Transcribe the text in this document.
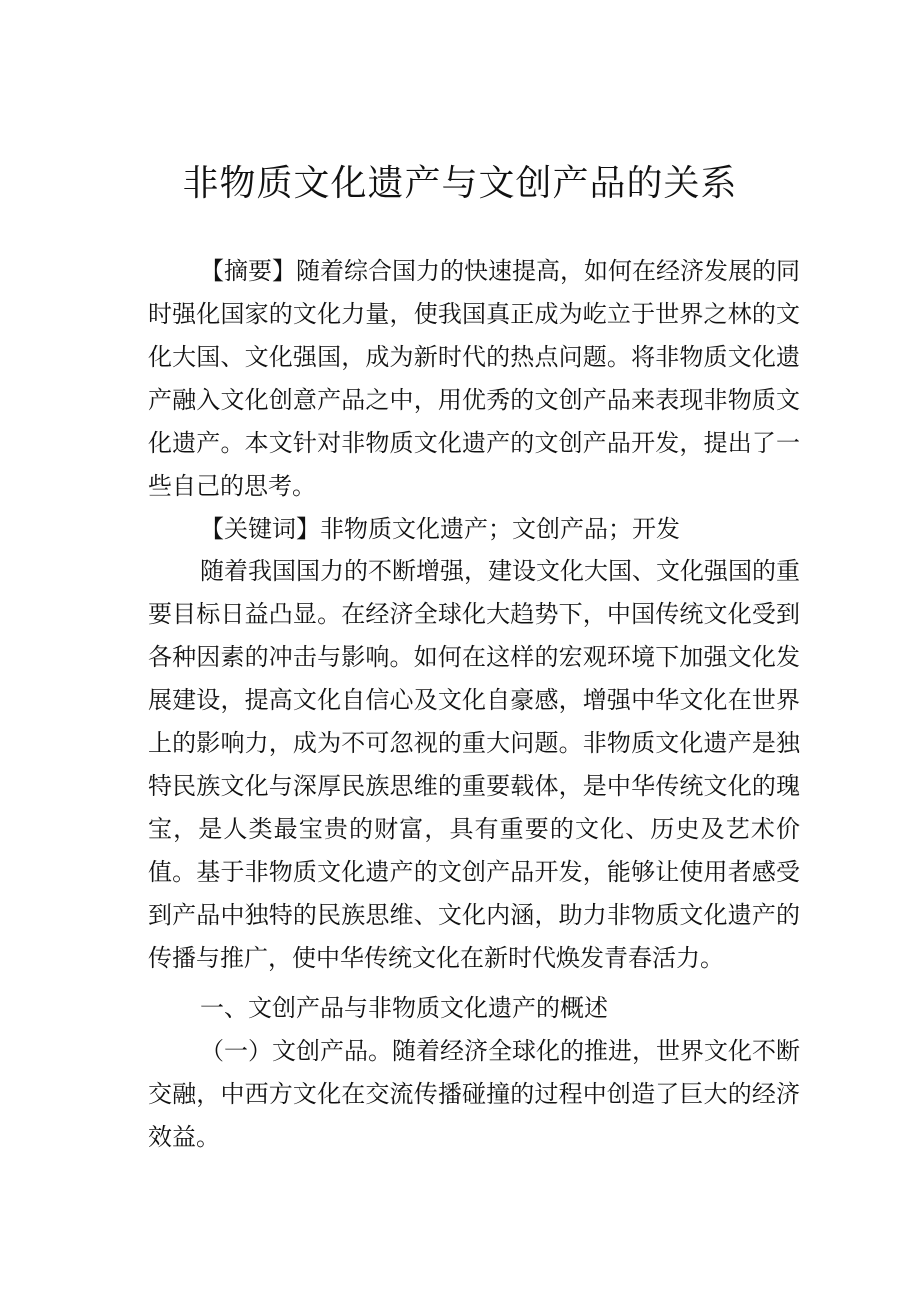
非物质文化遗产与文创产品的关系

【摘要】随着综合国力的快速提高，如何在经济发展的同时强化国家的文化力量，使我国真正成为屹立于世界之林的文化大国、文化强国，成为新时代的热点问题。将非物质文化遗产融入文化创意产品之中，用优秀的文创产品来表现非物质文化遗产。本文针对非物质文化遗产的文创产品开发，提出了一些自己的思考。

【关键词】非物质文化遗产；文创产品；开发

随着我国国力的不断增强，建设文化大国、文化强国的重要目标日益凸显。在经济全球化大趋势下，中国传统文化受到各种因素的冲击与影响。如何在这样的宏观环境下加强文化发展建设，提高文化自信心及文化自豪感，增强中华文化在世界上的影响力，成为不可忽视的重大问题。非物质文化遗产是独特民族文化与深厚民族思维的重要载体，是中华传统文化的瑰宝，是人类最宝贵的财富，具有重要的文化、历史及艺术价值。基于非物质文化遗产的文创产品开发，能够让使用者感受到产品中独特的民族思维、文化内涵，助力非物质文化遗产的传播与推广，使中华传统文化在新时代焕发青春活力。

一、文创产品与非物质文化遗产的概述

（一）文创产品。随着经济全球化的推进，世界文化不断交融，中西方文化在交流传播碰撞的过程中创造了巨大的经济效益。
